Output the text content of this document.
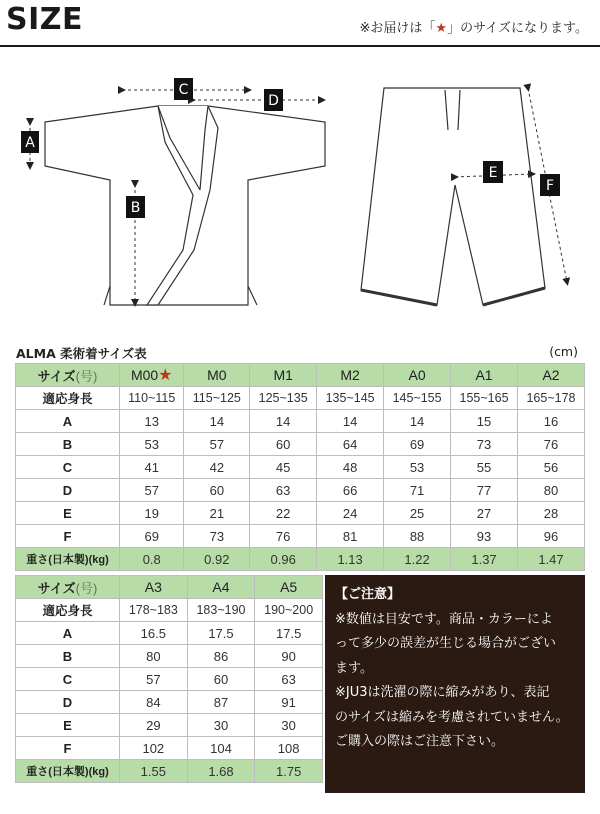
SIZE	※お届けは「★」のサイズになります。
A
B
C
D
E
F
ALMA 柔術着サイズ表	(cm)
サイズ(号)	M00★	M0	M1	M2	A0	A1	A2
適応身長	110~115	115~125	125~135	135~145	145~155	155~165	165~178
A	13	14	14	14	14	15	16
B	53	57	60	64	69	73	76
C	41	42	45	48	53	55	56
D	57	60	63	66	71	77	80
E	19	21	22	24	25	27	28
F	69	73	76	81	88	93	96
重さ(日本製)(kg)	0.8	0.92	0.96	1.13	1.22	1.37	1.47
サイズ(号)	A3	A4	A5
適応身長	178~183	183~190	190~200
A	16.5	17.5	17.5
B	80	86	90
C	57	60	63
D	84	87	91
E	29	30	30
F	102	104	108
重さ(日本製)(kg)	1.55	1.68	1.75
【ご注意】
※数値は目安です。商品・カラーによ
って多少の誤差が生じる場合がござい
ます。
※JU3は洗濯の際に縮みがあり、表記
のサイズは縮みを考慮されていません。
ご購入の際はご注意下さい。
